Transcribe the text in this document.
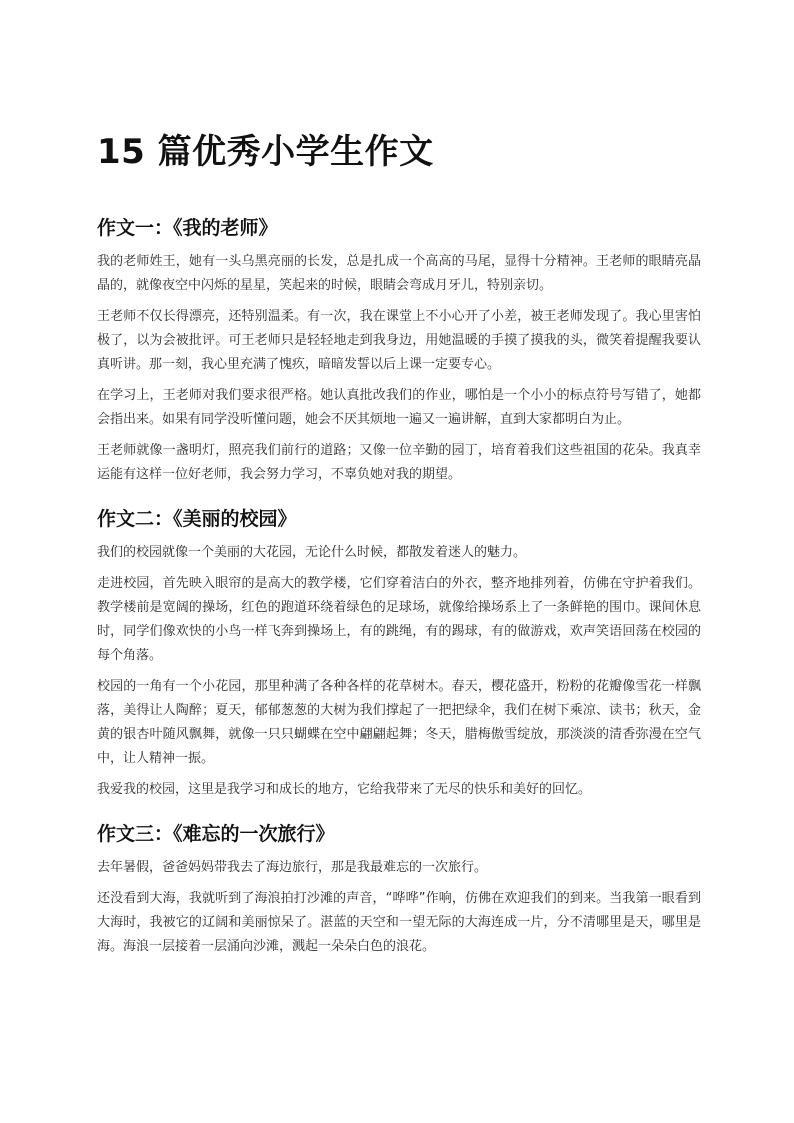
15 篇优秀小学生作文
作文一：《我的老师》

我的老师姓王，她有一头乌黑亮丽的长发，总是扎成一个高高的马尾，显得十分精神。王老师的眼睛亮晶晶的，就像夜空中闪烁的星星，笑起来的时候，眼睛会弯成月牙儿，特别亲切。

王老师不仅长得漂亮，还特别温柔。有一次，我在课堂上不小心开了小差，被王老师发现了。我心里害怕极了，以为会被批评。可王老师只是轻轻地走到我身边，用她温暖的手摸了摸我的头，微笑着提醒我要认真听讲。那一刻，我心里充满了愧疚，暗暗发誓以后上课一定要专心。

在学习上，王老师对我们要求很严格。她认真批改我们的作业，哪怕是一个小小的标点符号写错了，她都会指出来。如果有同学没听懂问题，她会不厌其烦地一遍又一遍讲解，直到大家都明白为止。

王老师就像一盏明灯，照亮我们前行的道路；又像一位辛勤的园丁，培育着我们这些祖国的花朵。我真幸运能有这样一位好老师，我会努力学习，不辜负她对我的期望。

作文二：《美丽的校园》

我们的校园就像一个美丽的大花园，无论什么时候，都散发着迷人的魅力。

走进校园，首先映入眼帘的是高大的教学楼，它们穿着洁白的外衣，整齐地排列着，仿佛在守护着我们。教学楼前是宽阔的操场，红色的跑道环绕着绿色的足球场，就像给操场系上了一条鲜艳的围巾。课间休息时，同学们像欢快的小鸟一样飞奔到操场上，有的跳绳，有的踢球，有的做游戏，欢声笑语回荡在校园的每个角落。

校园的一角有一个小花园，那里种满了各种各样的花草树木。春天，樱花盛开，粉粉的花瓣像雪花一样飘落，美得让人陶醉；夏天，郁郁葱葱的大树为我们撑起了一把把绿伞，我们在树下乘凉、读书；秋天，金黄的银杏叶随风飘舞，就像一只只蝴蝶在空中翩翩起舞；冬天，腊梅傲雪绽放，那淡淡的清香弥漫在空气中，让人精神一振。

我爱我的校园，这里是我学习和成长的地方，它给我带来了无尽的快乐和美好的回忆。

作文三：《难忘的一次旅行》

去年暑假，爸爸妈妈带我去了海边旅行，那是我最难忘的一次旅行。

还没看到大海，我就听到了海浪拍打沙滩的声音，“哗哗”作响，仿佛在欢迎我们的到来。当我第一眼看到大海时，我被它的辽阔和美丽惊呆了。湛蓝的天空和一望无际的大海连成一片，分不清哪里是天，哪里是海。海浪一层接着一层涌向沙滩，溅起一朵朵白色的浪花。
